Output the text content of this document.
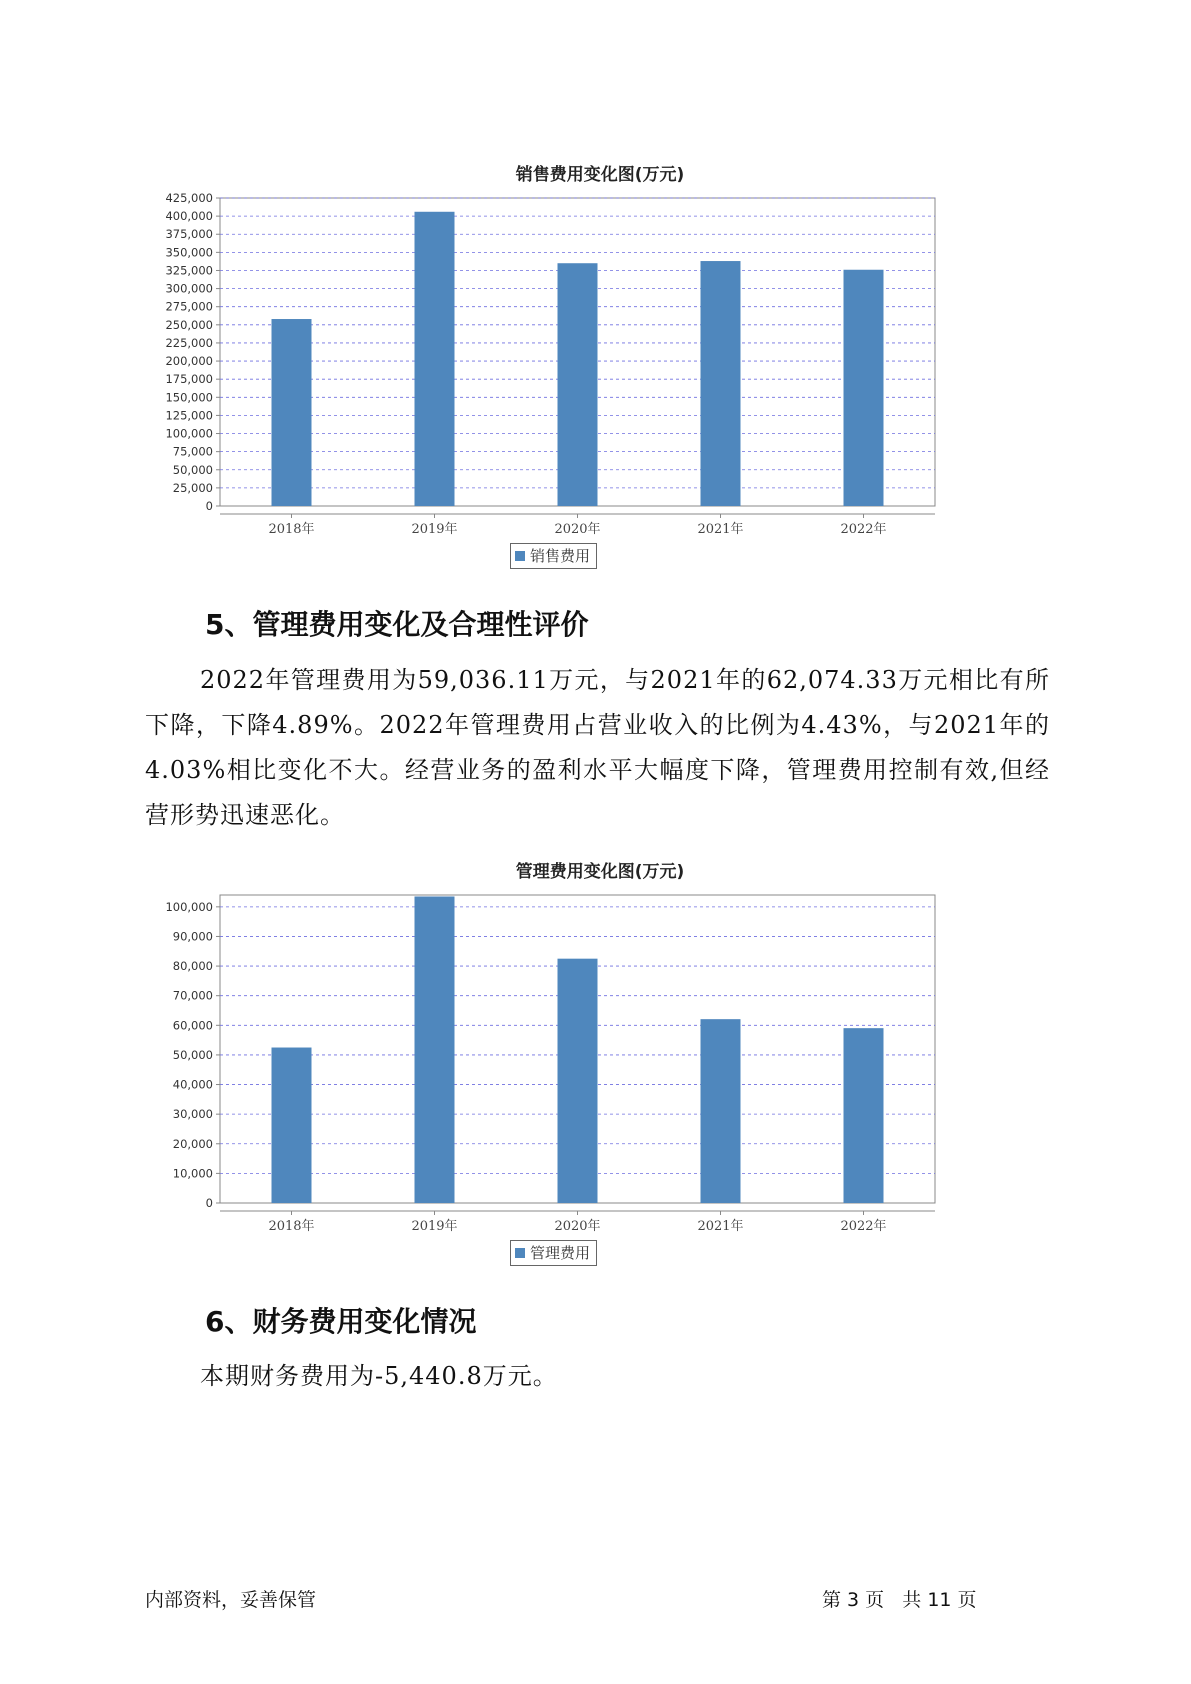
销售费用变化图(万元)
0
25,000
50,000
75,000
100,000
125,000
150,000
175,000
200,000
225,000
250,000
275,000
300,000
325,000
350,000
375,000
400,000
425,000
2018年	2019年	2020年	2021年	2022年
销售费用
5、管理费用变化及合理性评价

2022年管理费用为59,036.11万元，与2021年的62,074.33万元相比有所下降，下降4.89%。2022年管理费用占营业收入的比例为4.43%，与2021年的4.03%相比变化不大。经营业务的盈利水平大幅度下降，管理费用控制有效,但经营形势迅速恶化。

管理费用变化图(万元)
0
10,000
20,000
30,000
40,000
50,000
60,000
70,000
80,000
90,000
100,000
2018年	2019年	2020年	2021年	2022年
管理费用
6、财务费用变化情况

本期财务费用为-5,440.8万元。

内部资料，妥善保管	第 3 页   共 11 页
